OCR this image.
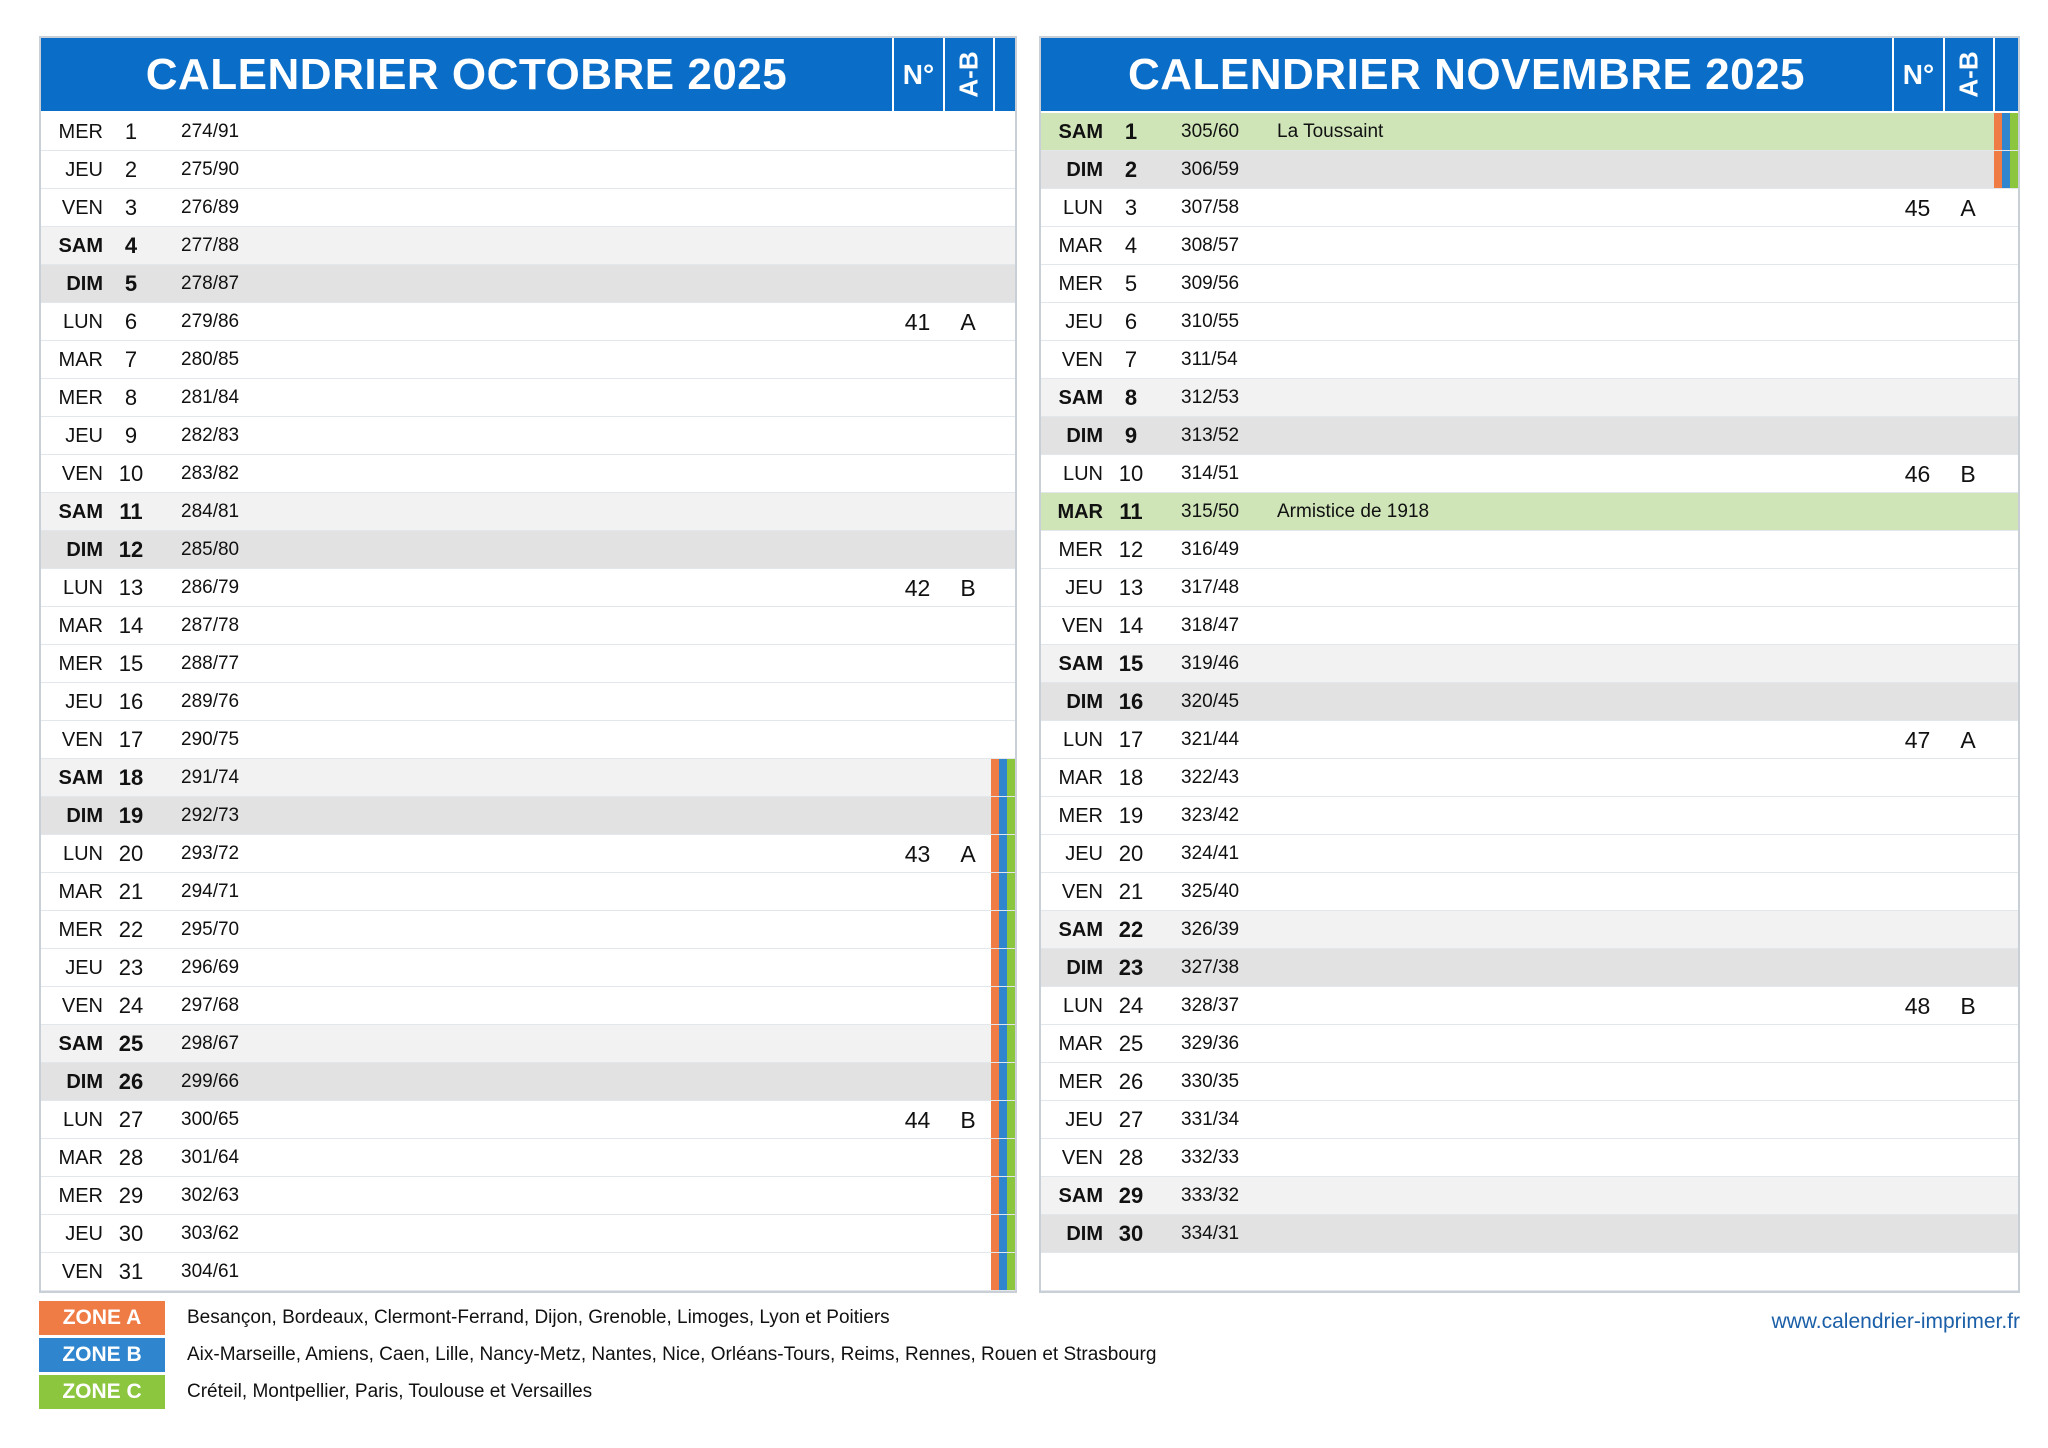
CALENDRIER OCTOBRE 2025	N° A-B
MER 1	274/91
JEU 2	275/90
VEN 3	276/89
SAM 4	277/88
DIM 5	278/87
LUN 6	279/86	41	A
MAR 7	280/85
MER 8	281/84
JEU 9	282/83
VEN 10	283/82
SAM 11	284/81
DIM 12	285/80
LUN 13	286/79	42	B
MAR 14	287/78
MER 15	288/77
JEU 16	289/76
VEN 17	290/75
SAM 18	291/74
DIM 19	292/73
LUN 20	293/72	43	A
MAR 21	294/71
MER 22	295/70
JEU 23	296/69
VEN 24	297/68
SAM 25	298/67
DIM 26	299/66
LUN 27	300/65	44	B
MAR 28	301/64
MER 29	302/63
JEU 30	303/62
VEN 31	304/61
CALENDRIER NOVEMBRE 2025	N° A-B
SAM 1	305/60 La Toussaint
DIM 2	306/59
LUN 3	307/58	45	A
MAR 4	308/57
MER 5	309/56
JEU 6	310/55
VEN 7	311/54
SAM 8	312/53
DIM 9	313/52
LUN 10	314/51	46	B
MAR 11	315/50 Armistice de 1918
MER 12	316/49
JEU 13	317/48
VEN 14	318/47
SAM 15	319/46
DIM 16	320/45
LUN 17	321/44	47	A
MAR 18	322/43
MER 19	323/42
JEU 20	324/41
VEN 21	325/40
SAM 22	326/39
DIM 23	327/38
LUN 24	328/37	48	B
MAR 25	329/36
MER 26	330/35
JEU 27	331/34
VEN 28	332/33
SAM 29	333/32
DIM 30	334/31
ZONE A	Besançon, Bordeaux, Clermont-Ferrand, Dijon, Grenoble, Limoges, Lyon et Poitiers
ZONE B	Aix-Marseille, Amiens, Caen, Lille, Nancy-Metz, Nantes, Nice, Orléans-Tours, Reims, Rennes, Rouen et Strasbourg
ZONE C	Créteil, Montpellier, Paris, Toulouse et Versailles
www.calendrier-imprimer.fr
